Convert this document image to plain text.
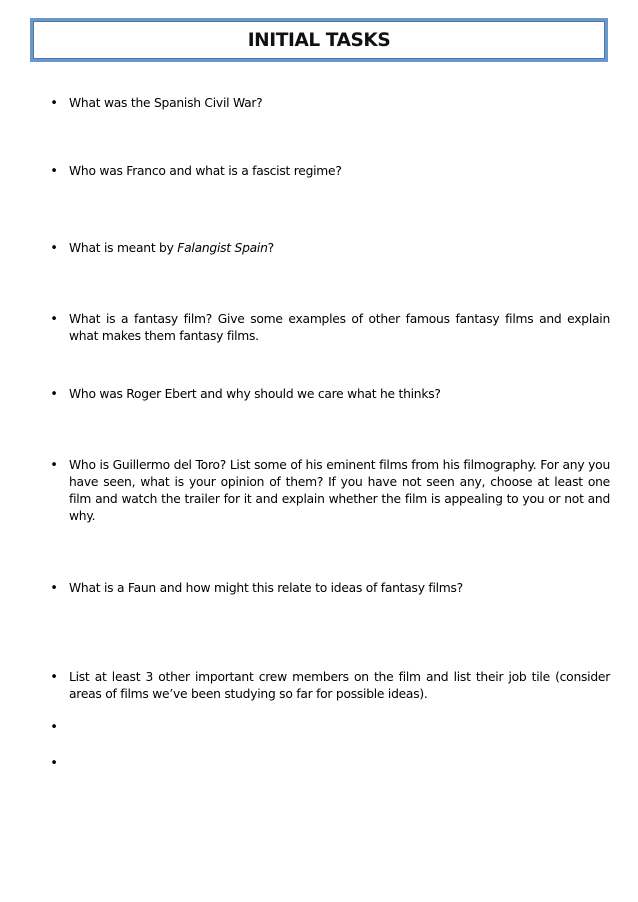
INITIAL TASKS
• What was the Spanish Civil War?
• Who was Franco and what is a fascist regime?
• What is meant by Falangist Spain?
• What is a fantasy film? Give some examples of other famous fantasy films and explain what makes them fantasy films.
• Who was Roger Ebert and why should we care what he thinks?
• Who is Guillermo del Toro? List some of his eminent films from his filmography. For any you have seen, what is your opinion of them? If you have not seen any, choose at least one film and watch the trailer for it and explain whether the film is appealing to you or not and why.
• What is a Faun and how might this relate to ideas of fantasy films?
• List at least 3 other important crew members on the film and list their job tile (consider areas of films we’ve been studying so far for possible ideas).
•
•
